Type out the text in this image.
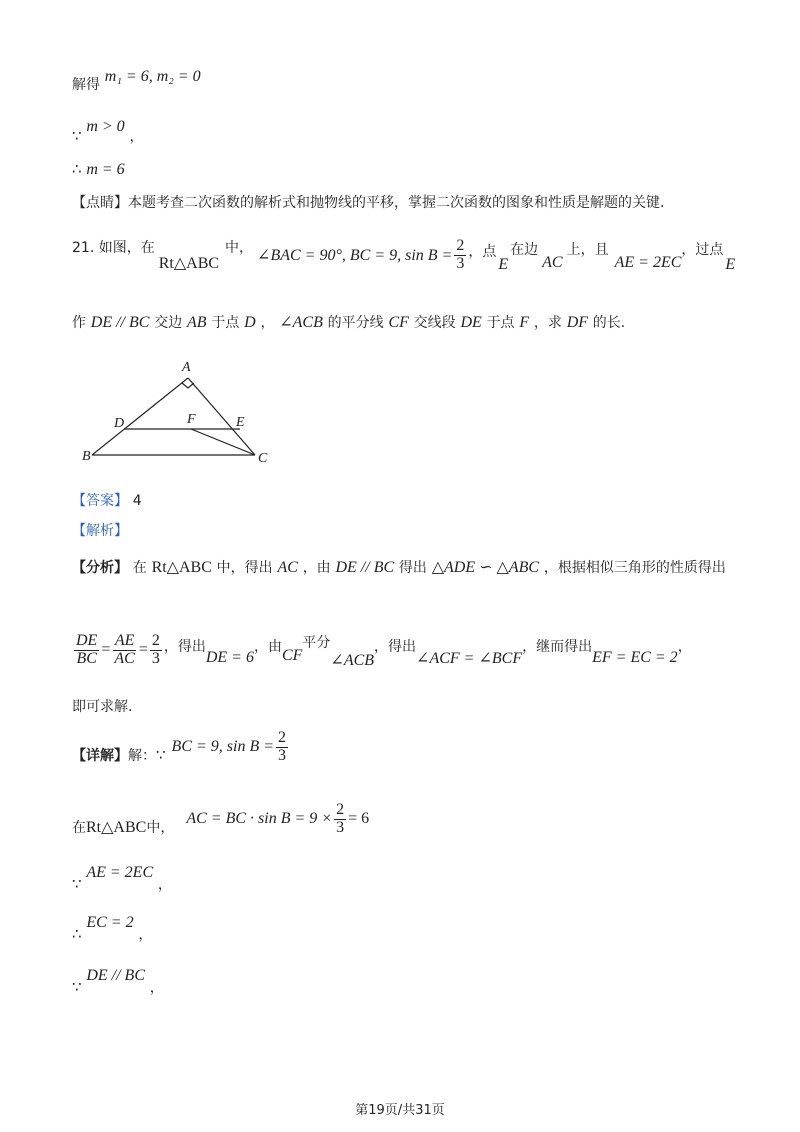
解得 m₁ = 6, m₂ = 0
∵ m > 0 ，
∴ m = 6
【点睛】本题考查二次函数的解析式和抛物线的平移，掌握二次函数的图象和性质是解题的关键.
21. 如图，在
Rt△ABC
中， ∠BAC = 90°, BC = 9, $\sin B = \frac{2}{3}$ ，点
E
在边
AC
上，且
AE = 2EC
，过点
E
作 DE // BC 交边 AB 于点 D ， ∠ACB 的平分线 CF 交线段 DE 于点 F ，求 DF 的长.
A
B	C
D	E
F
【答案】 4
【解析】
【分析】 在 Rt△ABC 中，得出 AC ，由 DE // BC 得出 △ADE ∽ △ABC ，根据相似三角形的性质得出
$\frac{DE}{BC} = \frac{AE}{AC} = \frac{2}{3}$ ，得出
DE = 6
，由 CF
平分
∠ACB
，得出
∠ACF = ∠BCF
，继而得出
EF = EC = 2
，
即可求解.
【详解】 解： ∵ BC = 9, $\sin B = \frac{2}{3}$
在 Rt△ABC 中，
AC = BC · $\sin B = 9 \times \frac{2}{3} = 6$
∵ AE = 2EC ，
∴ EC = 2 ，
∵ DE // BC ，
第19页/共31页
